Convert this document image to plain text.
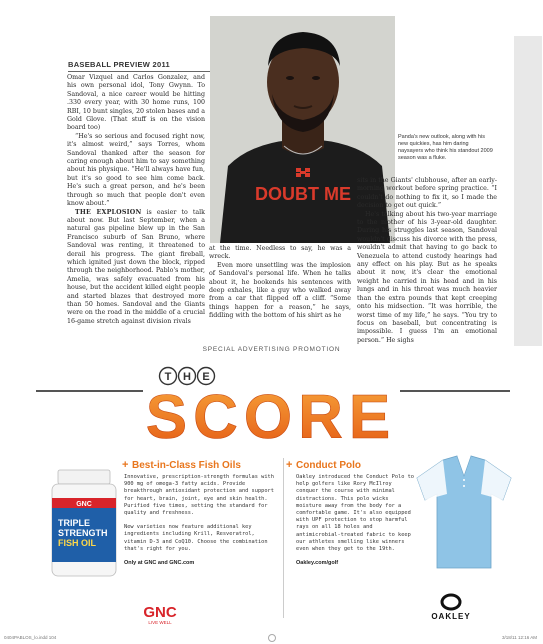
BASEBALL PREVIEW 2011

Omar Vizquel and Carlos Gonzalez, and his own personal idol, Tony Gwynn. To Sandoval, a nice career would be hitting .330 every year, with 30 home runs, 100 RBI, 10 bunt singles, 20 stolen bases and a Gold Glove. (That stuff is on the vision board too)

“He's so serious and focused right now, it's almost weird,” says Torres, whom Sandoval thanked after the season for caring enough about him to say something about his physique. “He'll always have fun, but it's so good to see him come back. He's such a great person, and he's been through so much that people don't even know about.”

THE EXPLOSION is easier to talk about now. But last September, when a natural gas pipeline blew up in the San Francisco suburb of San Bruno, where Sandoval was renting, it threatened to derail his progress. The giant fireball, which ignited just down the block, ripped through the neighborhood. Pablo's mother, Amelia, was safely evacuated from his house, but the accident killed eight people and started blazes that destroyed more than 50 homes. Sandoval and the Giants were on the road in the middle of a crucial 16-game stretch against division rivals

DOUBT ME
Panda's new outlook, along with his new quickies, has him daring naysayers who think his standout 2009 season was a fluke.

at the time. Needless to say, he was a wreck.

Even more unsettling was the implosion of Sandoval's personal life. When he talks about it, he bookends his sentences with deep exhales, like a guy who walked away from a car that flipped off a cliff. “Some things happen for a reason,” he says, fiddling with the bottom of his shirt as he

sits in the Giants' clubhouse, after an early-morning workout before spring practice. “I couldn't do nothing to fix it, so I made the decision to get out quick.”

He's talking about his two-year marriage to the mother of his 3-year-old daughter. During his struggles last season, Sandoval wouldn't discuss his divorce with the press, wouldn't admit that having to go back to Venezuela to attend custody hearings had any effect on his play. But as he speaks about it now, it's clear the emotional weight he carried in his head and in his lungs and in his throat was much heavier than the extra pounds that kept creeping onto his midsection. “It was horrible, the worst time of my life,” he says. “You try to focus on baseball, but concentrating is impossible. I guess I'm an emotional person.” He sighs

SPECIAL ADVERTISING PROMOTION
T H E
SCORE
+ Best-in-Class Fish Oils

Innovative, prescription-strength formulas with 900 mg of omega-3 fatty acids. Provide breakthrough antioxidant protection and support for heart, brain, joint, eye and skin health. Purified five times, setting the standard for quality and freshness.

New varieties now feature additional key ingredients including Krill, Resveratrol, vitamin D-3 and CoQ10. Choose the combination that's right for you.

Only at GNC and GNC.com
GNC
TRIPLE
STRENGTH
FISH OIL
GNC
LIVE WELL
+ Conduct Polo

Oakley introduced the Conduct Polo to help golfers like Rory McIlroy conquer the course with minimal distractions. This polo wicks moisture away from the body for a comfortable game. It's also equipped with UPF protection to stop harmful rays on all 18 holes and antimicrobial-treated fabric to keep our athletes smelling like winners even when they get to the 19th.

Oakley.com/golf
OAKLEY
0404PABLOS_lo.indd 104	3/18/11 12:16 AM
